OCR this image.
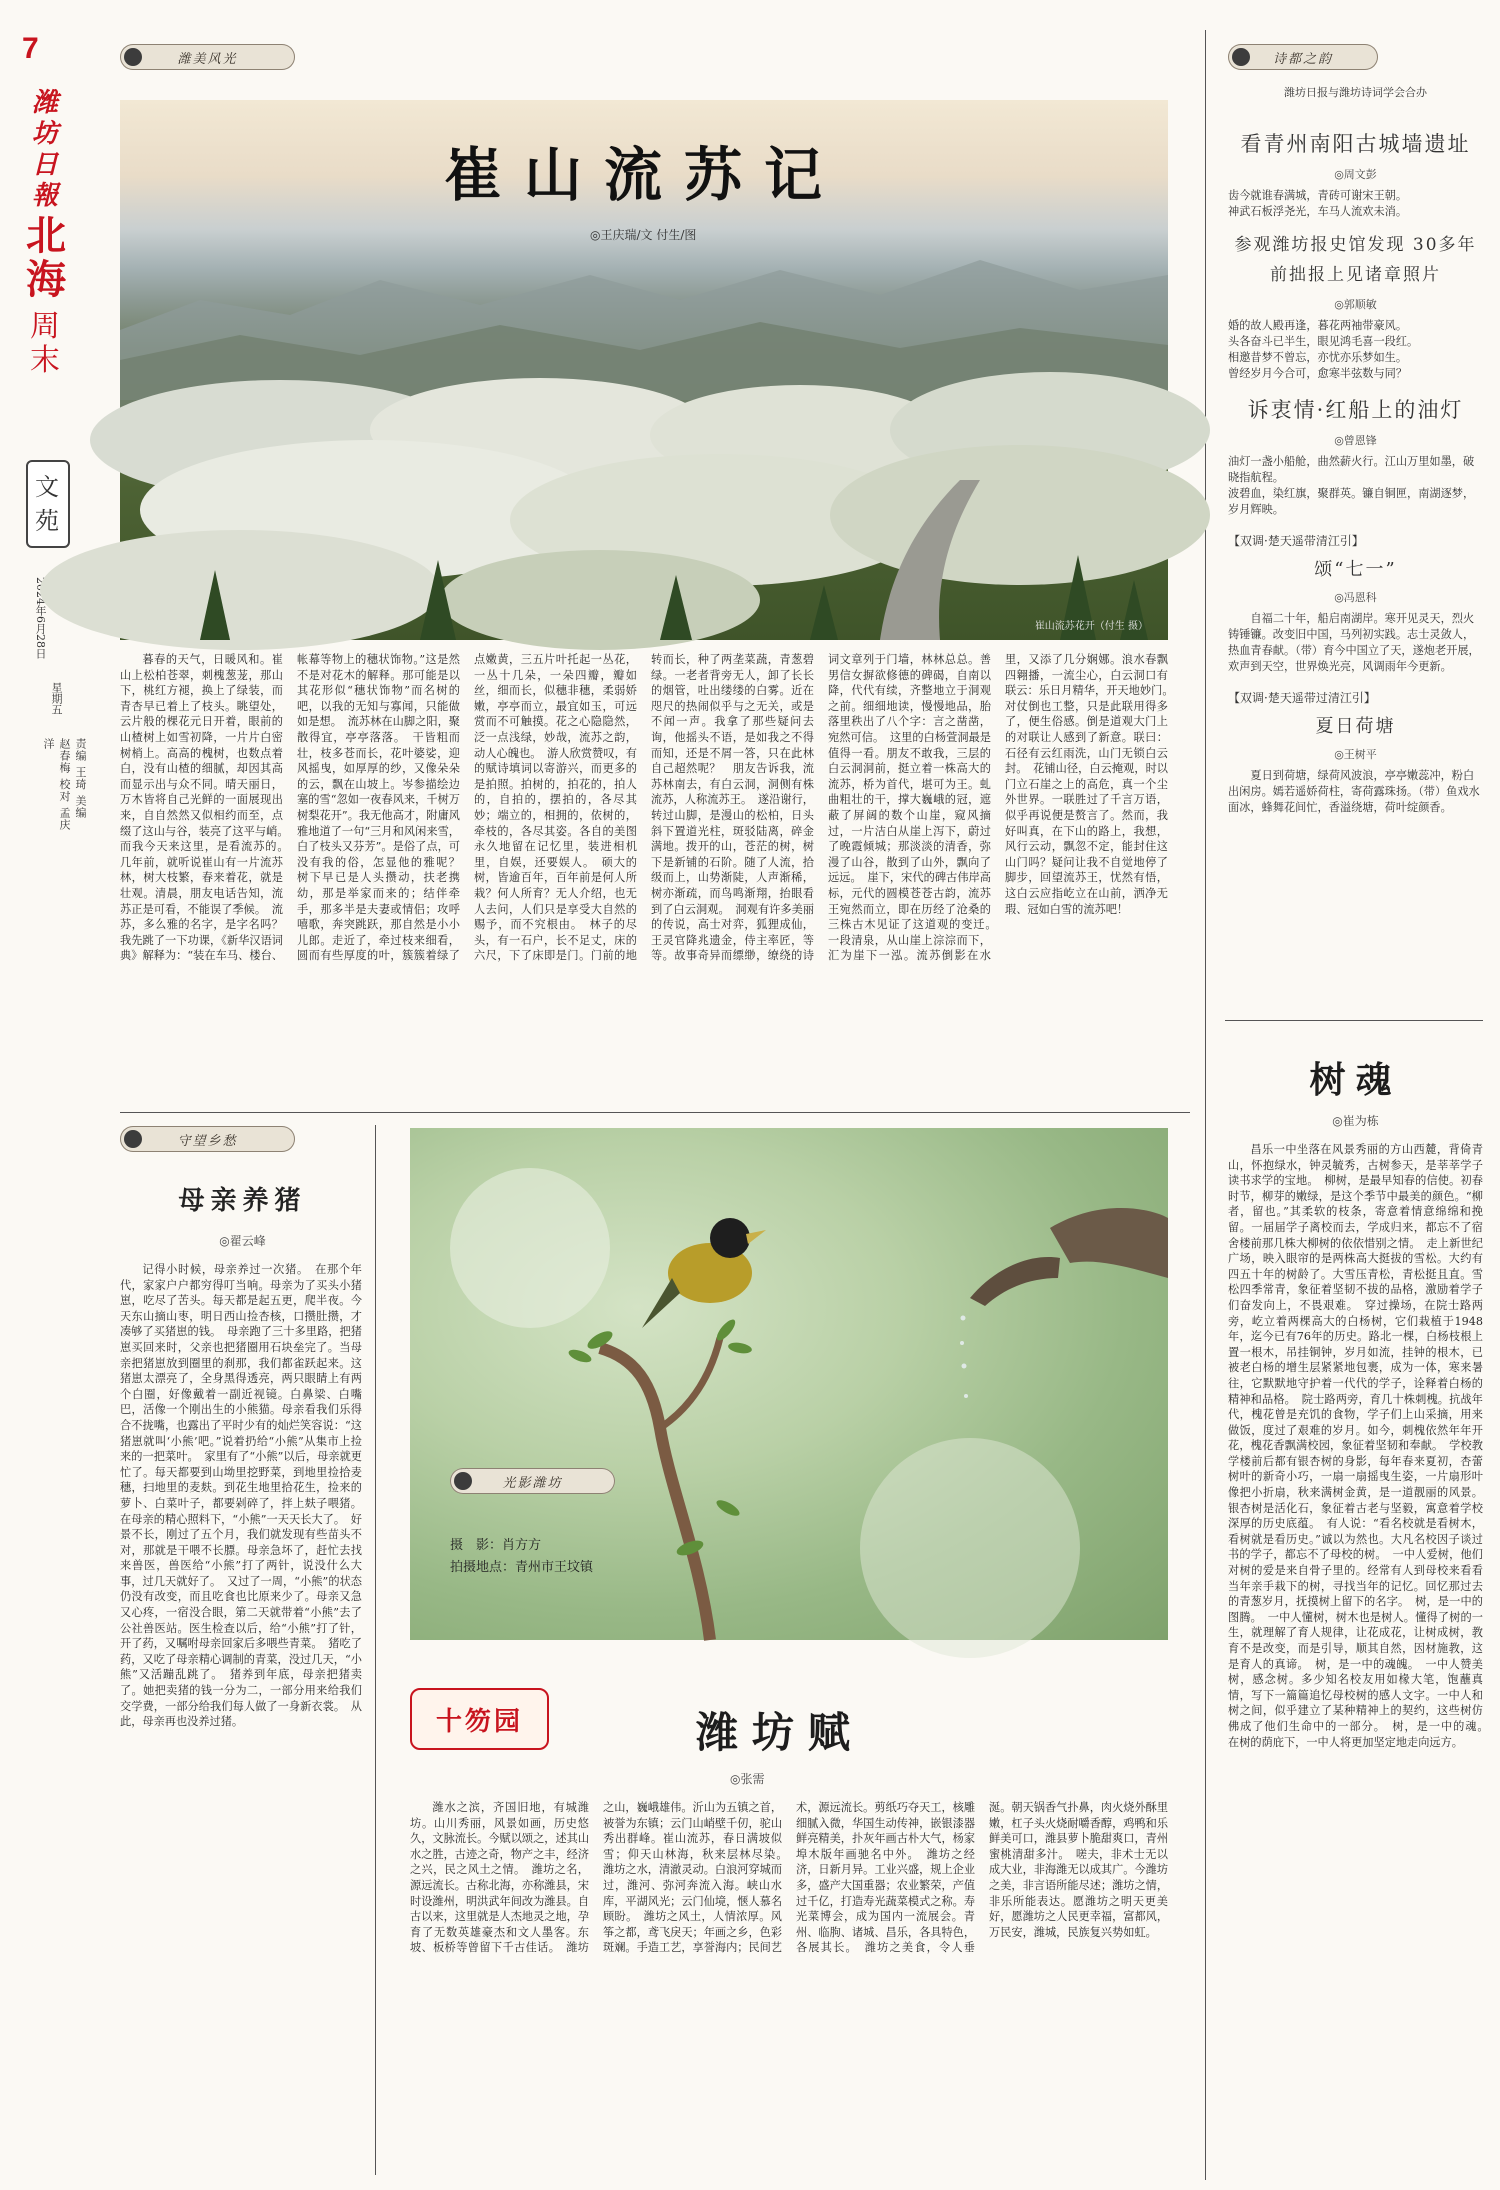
7
潍坊日報
北海
周末
文苑
2024年6月28日
星期五
责编 王琦 美编 赵春梅 校对 孟庆洋
潍美风光
崔山流苏记
◎王庆瑞/文 付生/图
崔山流苏花开（付生 摄）

暮春的天气，日暖风和。崔山上松柏苍翠，刺槐葱茏，那山下，桃红方褪，换上了绿装，而青杏早已着上了枝头。眺望处，云片般的棵花元日开着，眼前的山楂树上如雪初降，一片片白密树梢上。高高的槐树，也数点着白，没有山楂的细腻，却因其高而显示出与众不同。晴天丽日，万木皆将自己光鲜的一面展现出来，自自然然又似相约而至，点缀了这山与谷，装亮了这平与峭。　而我今天来这里，是看流苏的。　几年前，就听说崔山有一片流苏林，树大枝繁，春来着花，就是壮观。清晨，朋友电话告知，流苏正是可看，不能误了季候。　流苏，多么雅的名字，是字名吗？我先跳了一下功课，《新华汉语词典》解释为：“装在车马、楼台、帐幕等物上的穗状饰物。”这是然不是对花木的解释。那可能是以其花形似“穗状饰物”而名树的吧，以我的无知与寡闻，只能做如是想。　流苏林在山脚之阳，聚散得宜，亭亭落落。　干皆粗而壮，枝多苍而长，花叶婆娑，迎风摇曳，如厚厚的纱，又像朵朵的云，飘在山坡上。岑参描绘边塞的雪“忽如一夜春风来，千树万树梨花开”。我无他高才，附庸风雅地道了一句“三月和风闲来雪，白了枝头又芬芳”。是俗了点，可没有我的俗，怎显他的雅呢？　树下早已是人头攒动，扶老携幼，那是举家而来的；结伴牵手，那多半是夫妻或情侣；攻呼嘻歌，奔突跳跃，那自然是小小儿郎。走近了，牵过枝来细看，圆而有些厚度的叶，簇簇着绿了点嫩黄，三五片叶托起一丛花，一丛十几朵，一朵四瓣，瓣如丝，细而长，似穗非穗，柔弱娇嫩，亭亭而立，最宜如玉，可远赏而不可触摸。花之心隐隐然，泛一点浅绿，妙哉，流苏之韵，动人心魄也。　游人欣赏赞叹，有的赋诗填词以寄游兴，而更多的是拍照。拍树的，拍花的，拍人的，自拍的，摆拍的，各尽其妙；端立的，相拥的，依树的，牵枝的，各尽其姿。各自的美图永久地留在记忆里，装进相机里，自娱，还要娱人。　硕大的树，皆逾百年，百年前是何人所栽？何人所育？无人介绍，也无人去问，人们只是享受大自然的赐予，而不究根由。　林子的尽头，有一石户，长不足丈，床的六尺，下了床即是门。门前的地转而长，种了两垄菜蔬，青葱碧绿。一老者背旁无人，卸了长长的烟管，吐出缕缕的白雾。近在咫尺的热闹似乎与之无关，或是不闻一声。我拿了那些疑问去询，他摇头不语，是如我之不得而知，还是不屑一答，只在此林自己超然呢？　朋友告诉我，流苏林南去，有白云洞，洞侧有株流苏，人称流苏王。　遂沿谢行，转过山脚，是漫山的松柏，日头斜下置道光柱，斑驳陆离，碎金满地。拨开的山，苍茫的树，树下是新铺的石阶。随了人流，拾级而上，山势渐陡，人声渐稀，树亦渐疏，而鸟鸣渐翔，抬眼看到了白云洞观。　洞观有许多美丽的传说，高士对弈，狐狸成仙，王灵官降兆遗金，侍主率匠，等等。故事奇异而缥缈，缭绕的诗词文章列于门墙，林林总总。善男信女摒欲修德的碑碣，自南以降，代代有续，齐整地立于洞观之前。细细地读，慢慢地品，胎落里秩出了八个字：言之凿凿，宛然可信。　这里的白杨萱洞最是值得一看。朋友不敢我，三层的白云洞洞前，挺立着一株高大的流苏，桥为首代，堪可为王。虬曲粗壮的干，撑大巍峨的冠，遮蔽了屏阔的数个山崖，窥风摘过，一片洁白从崖上泻下，蔚过了晚霞倾城；那淡淡的清香，弥漫了山谷，散到了山外，飘向了远远。　崖下，宋代的碑古伟岸高标，元代的圆模苍苍古韵，流苏王宛然而立，即在历经了沧桑的三株古木见证了这道观的变迁。　一段清泉，从山崖上淙淙而下，汇为崖下一泓。流苏倒影在水里，又添了几分娴娜。浪水春飘四翱播，一流尘心，白云洞口有联云：乐日月精华，开天地妙门。　对仗倒也工整，只是此联用得多了，便生俗感。倒是道观大门上的对联让人感到了新意。联曰：石径有云红雨洗，山门无锁白云封。　花铺山径，白云掩观，时以门立石崖之上的高危，真一个尘外世界。一联胜过了千言万语，似乎再说便是赘言了。然而，我好叫真，在下山的路上，我想，风行云动，飘忽不定，能封住这山门吗？疑问让我不自觉地停了脚步，回望流苏王，忧然有悟，这白云应指屹立在山前，洒净无瑕、冠如白雪的流苏吧！

守望乡愁
母亲养猪
◎翟云峰

记得小时候，母亲养过一次猪。　在那个年代，家家户户都穷得叮当响。母亲为了买头小猪崽，吃尽了苦头。每天都是起五更，爬半夜。今天东山摘山枣，明日西山捡杏核，口攒肚攒，才凑够了买猪崽的钱。　母亲跑了三十多里路，把猪崽买回来时，父亲也把猪圈用石块垒完了。当母亲把猪崽放到圈里的刹那，我们都雀跃起来。这猪崽太漂亮了，全身黑得透亮，两只眼睛上有两个白圈，好像戴着一副近视镜。白鼻梁、白嘴巴，活像一个刚出生的小熊猫。母亲看我们乐得合不拢嘴，也露出了平时少有的灿烂笑容说：“这猪崽就叫‘小熊’吧。”说着扔给“小熊”从集市上捡来的一把菜叶。　家里有了“小熊”以后，母亲就更忙了。每天都要到山坳里挖野菜，到地里捡拾麦穗，扫地里的麦麸。到花生地里拾花生，捡来的萝卜、白菜叶子，都要剁碎了，拌上麸子喂猪。在母亲的精心照料下，“小熊”一天天长大了。　好景不长，刚过了五个月，我们就发现有些苗头不对，那就是干喂不长膘。母亲急坏了，赶忙去找来兽医，兽医给“小熊”打了两针，说没什么大事，过几天就好了。　又过了一周，“小熊”的状态仍没有改变，而且吃食也比原来少了。母亲又急又心疼，一宿没合眼，第二天就带着“小熊”去了公社兽医站。医生检查以后，给“小熊”打了针，开了药，又嘱咐母亲回家后多喂些青菜。　猪吃了药，又吃了母亲精心调制的青菜，没过几天，“小熊”又活蹦乱跳了。　猪养到年底，母亲把猪卖了。她把卖猪的钱一分为二，一部分用来给我们交学费，一部分给我们每人做了一身新衣裳。　从此，母亲再也没养过猪。

光影潍坊
摄　影：肖方方
拍摄地点：青州市王坟镇
十笏园	潍坊赋
◎张需

潍水之滨，齐国旧地，有城潍坊。山川秀丽，风景如画，历史悠久，文脉流长。今赋以颂之，述其山水之胜，古迹之奇，物产之丰，经济之兴，民之风土之情。　潍坊之名，源远流长。古称北海，亦称潍县，宋时设潍州，明洪武年间改为潍县。自古以来，这里就是人杰地灵之地，孕育了无数英雄豪杰和文人墨客。东坡、板桥等曾留下千古佳话。　潍坊之山，巍峨雄伟。沂山为五镇之首，被誉为东镇；云门山峭壁千仞，驼山秀出群峰。崔山流苏，春日满坡似雪；仰天山林海，秋来层林尽染。　潍坊之水，清澈灵动。白浪河穿城而过，潍河、弥河奔流入海。峡山水库，平湖风光；云门仙境，惬人慕名顾盼。　潍坊之风土，人情浓厚。风筝之都，鸢飞戾天；年画之乡，色彩斑斓。手造工艺，享誉海内；民间艺术，源远流长。剪纸巧夺天工，核雕细腻入微，华国生动传神，嵌银漆器鲜亮精美，扑灰年画古朴大气，杨家埠木版年画驰名中外。　潍坊之经济，日新月异。工业兴盛，规上企业多，盛产大国重器；农业繁荣，产值过千亿，打造寿光蔬菜模式之称。寿光菜博会，成为国内一流展会。青州、临朐、诸城、昌乐，各具特色，各展其长。　潍坊之美食，令人垂涎。朝天锅香气扑鼻，肉火烧外酥里嫩，杠子头火烧耐嚼香醇，鸡鸭和乐鲜美可口，潍县萝卜脆甜爽口，青州蜜桃清甜多汁。　嗟夫，非术士无以成大业，非海潍无以成其广。今潍坊之美，非言语所能尽述；潍坊之情，非乐所能表达。愿潍坊之明天更美好，愿潍坊之人民更幸福，富都风，万民安，潍城，民族复兴势如虹。

诗都之韵
潍坊日报与潍坊诗词学会合办
看青州南阳古城墙遗址
◎周文彭
齿今就谁春满城，青砖可谢宋王朝。
神武石板浮尧光，车马人流欢未消。
参观潍坊报史馆发现 30多年前拙报上见诸章照片
◎郭顺敏
婚的故人殿再逢，暮花两袖带豪风。
头各奋斗已半生，眼见鸿毛喜一段红。
相邀昔梦不曾忘，亦忧亦乐梦如生。
曾经岁月今合可，愈寒半弦数与同？
诉衷情·红船上的油灯
◎曾恩锋
油灯一盏小船舱，曲然薪火行。江山万里如墨，破晓指航程。
波碧血，染红旗，聚群英。镰自铜匣，南湖逐梦，岁月辉映。
【双调·楚天遥带清江引】
颂“七一”
◎冯恩科
自福二十年，船启南湖岸。寒开见灵天，烈火铸锤镰。改变旧中国，马列初实践。志士灵敛人，热血青春献。（带）育今中国立了天，遂炮老开展，欢声到天空，世界焕光亮，风调雨年今更新。
【双调·楚天遥带过清江引】
夏日荷塘
◎王树平
夏日到荷塘，绿荷风波浪，亭亭嫩蕊冲，粉白出闲房。嫣若遥娇荷柱，寄荷露珠扬。（带）鱼戏水面冰，蜂舞花间忙，香溢绕塘，荷叶绽颜香。
树魂
◎崔为栋

昌乐一中坐落在风景秀丽的方山西麓，背倚青山，怀抱绿水，钟灵毓秀，古树参天，是莘莘学子读书求学的宝地。　柳树，是最早知春的信使。初春时节，柳芽的嫩绿，是这个季节中最美的颜色。“柳者，留也。”其柔软的枝条，寄意着情意绵绵和挽留。一届届学子离校而去，学成归来，都忘不了宿舍楼前那几株大柳树的依依惜别之情。　走上新世纪广场，映入眼帘的是两株高大挺拔的雪松。大约有四五十年的树龄了。大雪压青松，青松挺且直。雪松四季常青，象征着坚韧不拔的品格，激励着学子们奋发向上，不畏艰难。　穿过操场，在院士路两旁，屹立着两棵高大的白杨树，它们栽植于1948年，迄今已有76年的历史。路北一棵，白杨枝根上置一根木，吊挂铜钟，岁月如流，挂钟的根木，已被老白杨的增生层紧紧地包裹，成为一体，寒来暑往，它默默地守护着一代代的学子，诠释着白杨的精神和品格。　院士路两旁，育几十株刺槐。抗战年代，槐花曾是充饥的食物，学子们上山采摘，用来做饭，度过了艰难的岁月。如今，刺槐依然年年开花，槐花香飘满校园，象征着坚韧和奉献。　学校教学楼前后都有银杏树的身影，每年春来夏初，杏蕾树叶的新奇小巧，一扇一扇摇曳生姿，一片扇形叶像把小折扇，秋来满树金黄，是一道靓丽的风景。银杏树是活化石，象征着古老与坚毅，寓意着学校深厚的历史底蕴。　有人说：“看名校就是看树木，看树就是看历史。”诚以为然也。大凡名校因子谈过书的学子，都忘不了母校的树。　一中人爱树，他们对树的爱是来自骨子里的。经常有人到母校来看看当年亲手栽下的树，寻找当年的记忆。回忆那过去的青葱岁月，抚摸树上留下的名字。　树，是一中的图腾。　一中人懂树，树木也是树人。懂得了树的一生，就理解了育人规律，让花成花，让树成树，教育不是改变，而是引导，顺其自然，因材施教，这是育人的真谛。　树，是一中的魂魄。　一中人赞美树，感念树。多少知名校友用如椽大笔，饱蘸真情，写下一篇篇追忆母校树的感人文字。一中人和树之间，似乎建立了某种精神上的契约，这些树仿佛成了他们生命中的一部分。　树，是一中的魂。　在树的荫庇下，一中人将更加坚定地走向远方。
